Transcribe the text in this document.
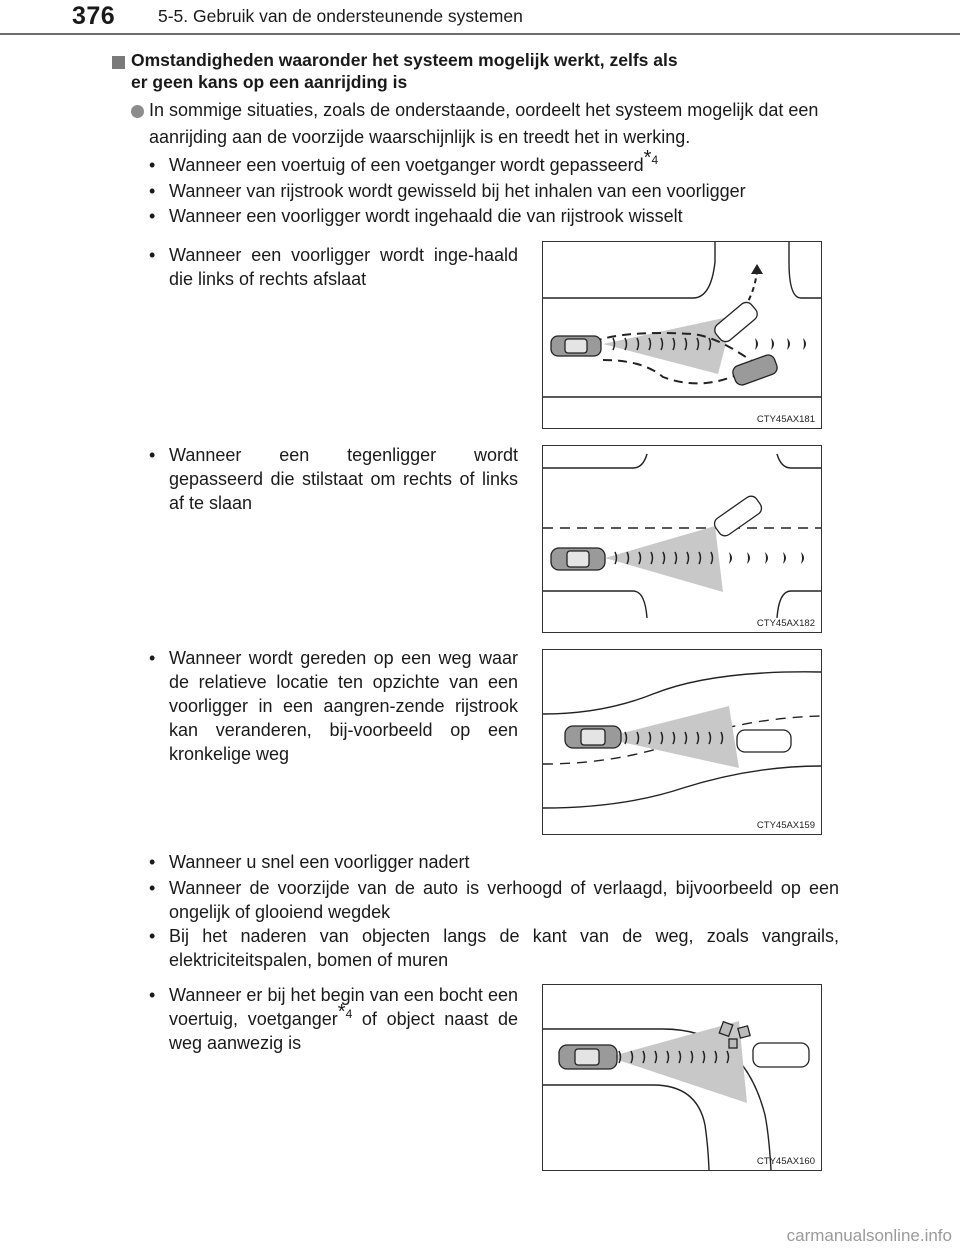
376 5-5. Gebruik van de ondersteunende systemen
Omstandigheden waaronder het systeem mogelijk werkt, zelfs als
er geen kans op een aanrijding is
In sommige situaties, zoals de onderstaande, oordeelt het systeem mogelijk dat een aanrijding aan de voorzijde waarschijnlijk is en treedt het in werking.
• Wanneer een voertuig of een voetganger wordt gepasseerd$^{*4}$
• Wanneer van rijstrook wordt gewisseld bij het inhalen van een voorligger
• Wanneer een voorligger wordt ingehaald die van rijstrook wisselt
• Wanneer een voorligger wordt inge-haald die links of rechts afslaat
CTY45AX181
• Wanneer een tegenligger wordt gepasseerd die stilstaat om rechts of links af te slaan
CTY45AX182
• Wanneer wordt gereden op een weg waar de relatieve locatie ten opzichte van een voorligger in een aangren-zende rijstrook kan veranderen, bij-voorbeeld op een kronkelige weg
CTY45AX159
• Wanneer u snel een voorligger nadert
• Wanneer de voorzijde van de auto is verhoogd of verlaagd, bijvoorbeeld op een ongelijk of glooiend wegdek
• Bij het naderen van objecten langs de kant van de weg, zoals vangrails, elektriciteitspalen, bomen of muren
• Wanneer er bij het begin van een bocht een voertuig, voetganger$^{*4}$ of object naast de weg aanwezig is
CTY45AX160
carmanualsonline.info
